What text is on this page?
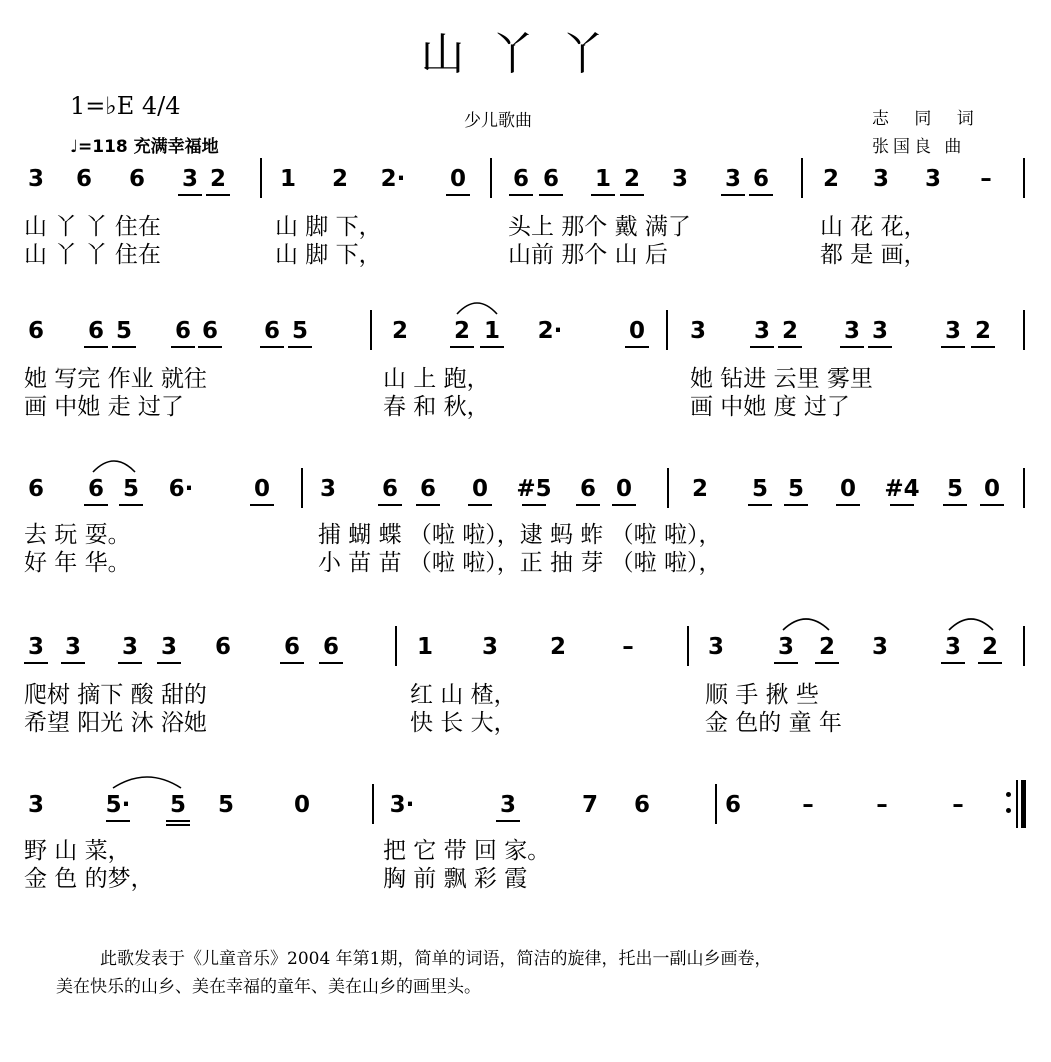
山丫丫
1=♭E 4/4
♩=118 充满幸福地
少儿歌曲	志 同 词
张国良 曲
3 6 6 3 2 1 2 2· 0 6 6 1 2 3 3 6 2 3 3 –
山 丫 丫 住在	山 脚 下，	头上 那个 戴 满了	山 花 花，
山 丫 丫 住在	山 脚 下，	山前 那个 山 后	都 是 画，
6 6 5 6 6 6 5	2 2 1 2·	0 3 3 2 3 3 3 2
她 写完 作业 就往	山 上 跑，	她 钻进 云里 雾里
画 中她 走 过了	春 和 秋，	画 中她 度 过了
6 6 5 6·	0 3 6 6 0 #5 6 0	2 5 5 0 #4 5 0
去 玩 耍。	捕 蝴 蝶 （啦 啦），逮 蚂 蚱 （啦 啦），
好 年 华。	小 苗 苗 （啦 啦），正 抽 芽 （啦 啦），
3 3 3 3 6 6 6	1 3 2 –	3 3 2 3 3 2
爬树 摘下 酸 甜的	红 山 楂，	顺 手 揪 些
希望 阳光 沐 浴她	快 长 大，	金 色的 童 年
3	5· 5 5	0	3·	3	7 6	6	–	–	–
野 山 菜，	把 它 带 回 家。
金 色 的梦，	胸 前 飘 彩 霞
此歌发表于《儿童音乐》2004 年第1期，简单的词语，简洁的旋律，托出一副山乡画卷，
美在快乐的山乡、美在幸福的童年、美在山乡的画里头。
